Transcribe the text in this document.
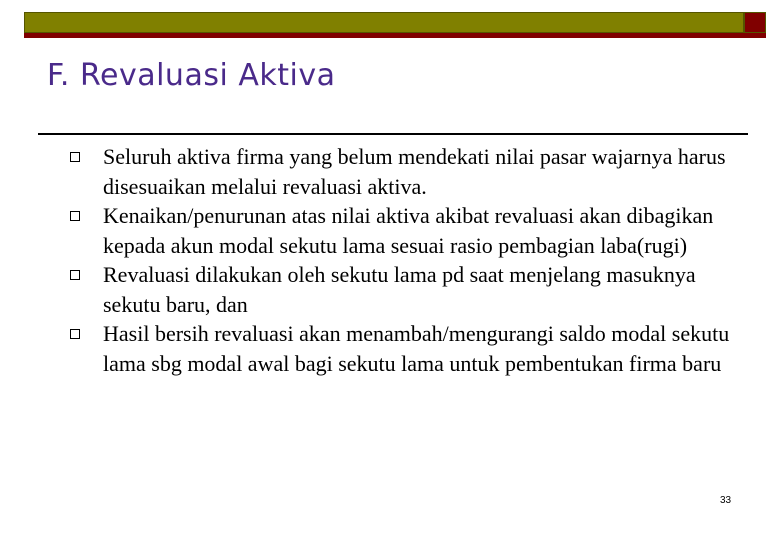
F. Revaluasi Aktiva
Seluruh aktiva firma yang belum mendekati nilai pasar wajarnya harus disesuaikan melalui revaluasi aktiva.
Kenaikan/penurunan atas nilai aktiva akibat revaluasi akan dibagikan kepada akun modal sekutu lama sesuai rasio pembagian laba(rugi)
Revaluasi dilakukan oleh sekutu lama pd saat menjelang masuknya sekutu baru, dan
Hasil bersih revaluasi akan menambah/mengurangi saldo modal sekutu lama sbg modal awal bagi sekutu lama untuk pembentukan firma baru
33
